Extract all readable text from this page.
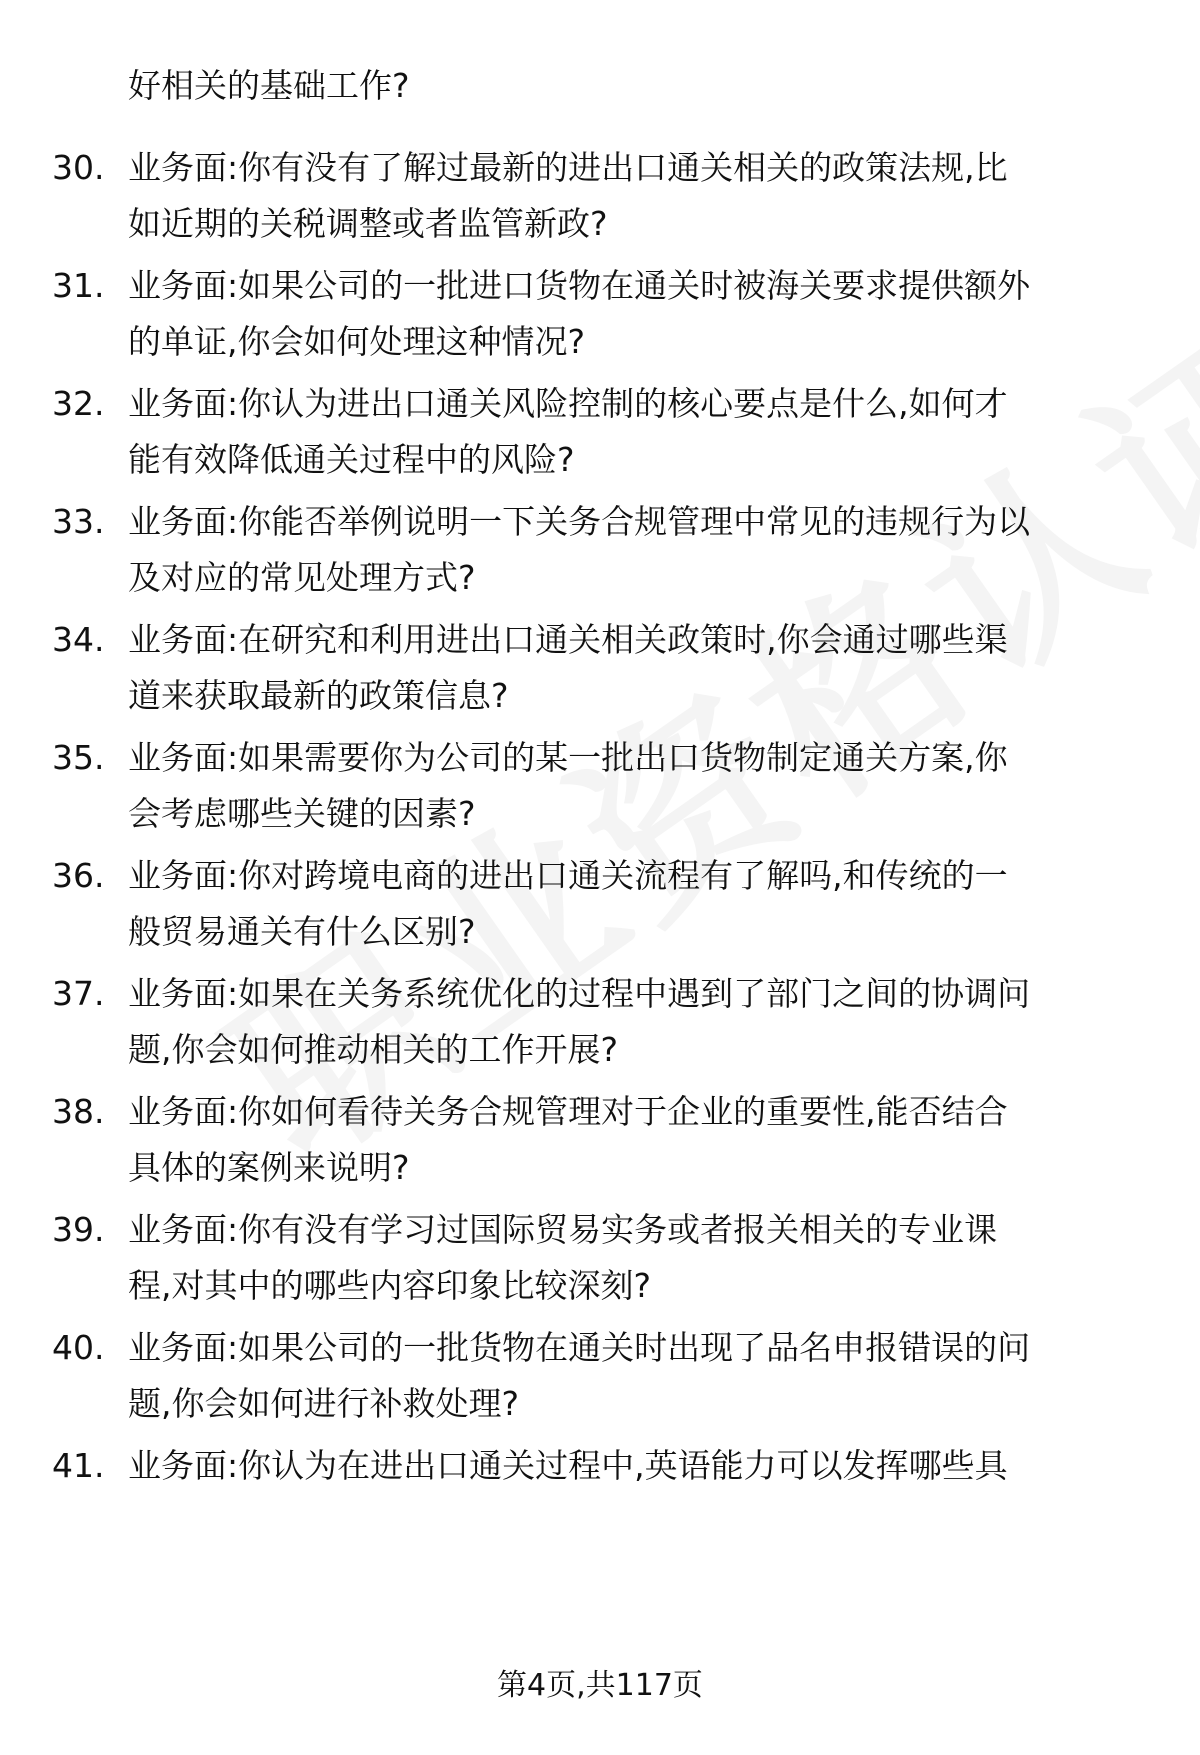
好相关的基础工作?
30. 业务面:你有没有了解过最新的进出口通关相关的政策法规,比
如近期的关税调整或者监管新政?
31. 业务面:如果公司的一批进口货物在通关时被海关要求提供额外
的单证,你会如何处理这种情况?
32. 业务面:你认为进出口通关风险控制的核心要点是什么,如何才
能有效降低通关过程中的风险?
33. 业务面:你能否举例说明一下关务合规管理中常见的违规行为以
及对应的常见处理方式?
34. 业务面:在研究和利用进出口通关相关政策时,你会通过哪些渠
道来获取最新的政策信息?
35. 业务面:如果需要你为公司的某一批出口货物制定通关方案,你
会考虑哪些关键的因素?
36. 业务面:你对跨境电商的进出口通关流程有了解吗,和传统的一
般贸易通关有什么区别?
37. 业务面:如果在关务系统优化的过程中遇到了部门之间的协调问
题,你会如何推动相关的工作开展?
38. 业务面:你如何看待关务合规管理对于企业的重要性,能否结合
具体的案例来说明?
39. 业务面:你有没有学习过国际贸易实务或者报关相关的专业课
程,对其中的哪些内容印象比较深刻?
40. 业务面:如果公司的一批货物在通关时出现了品名申报错误的问
题,你会如何进行补救处理?
41. 业务面:你认为在进出口通关过程中,英语能力可以发挥哪些具
第4页,共117页
